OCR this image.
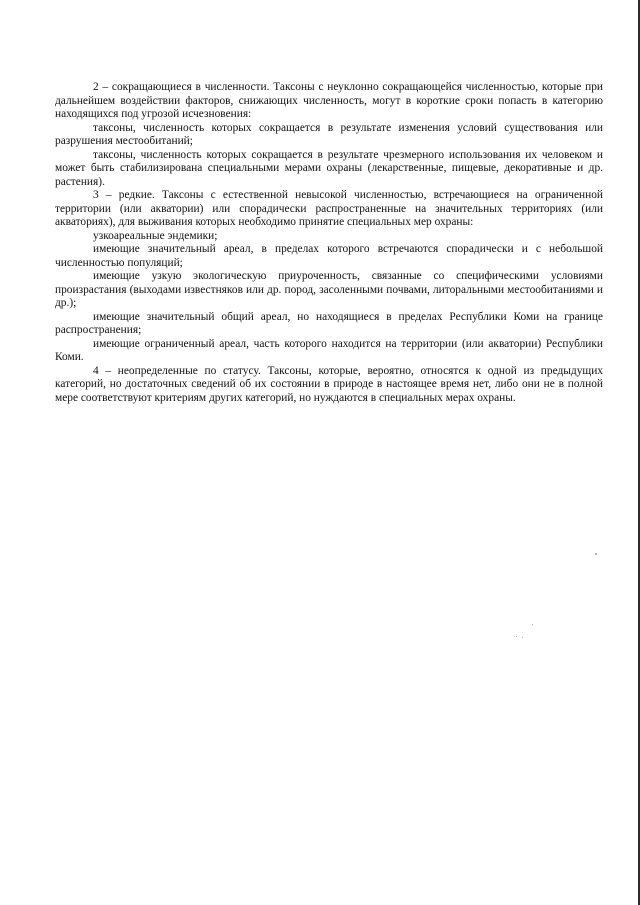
2 – сокращающиеся в численности. Таксоны с неуклонно сокращающейся численностью, которые при дальнейшем воздействии факторов, снижающих численность, могут в короткие сроки попасть в категорию находящихся под угрозой исчезновения:

таксоны, численность которых сокращается в результате изменения условий существования или разрушения местообитаний;

таксоны, численность которых сокращается в результате чрезмерного использования их человеком и может быть стабилизирована специальными мерами охраны (лекарственные, пищевые, декоративные и др. растения).

3 – редкие. Таксоны с естественной невысокой численностью, встречающиеся на ограниченной территории (или акватории) или спорадически распространенные на значительных территориях (или акваториях), для выживания которых необходимо принятие специальных мер охраны:

узкоареальные эндемики;

имеющие значительный ареал, в пределах которого встречаются спорадически и с небольшой численностью популяций;

имеющие узкую экологическую приуроченность, связанные со специфическими условиями произрастания (выходами известняков или др. пород, засоленными почвами, литоральными местообитаниями и др.);

имеющие значительный общий ареал, но находящиеся в пределах Республики Коми на границе распространения;

имеющие ограниченный ареал, часть которого находится на территории (или акватории) Республики Коми.

4 – неопределенные по статусу. Таксоны, которые, вероятно, относятся к одной из предыдущих категорий, но достаточных сведений об их состоянии в природе в настоящее время нет, либо они не в полной мере соответствуют критериям других категорий, но нуждаются в специальных мерах охраны.
